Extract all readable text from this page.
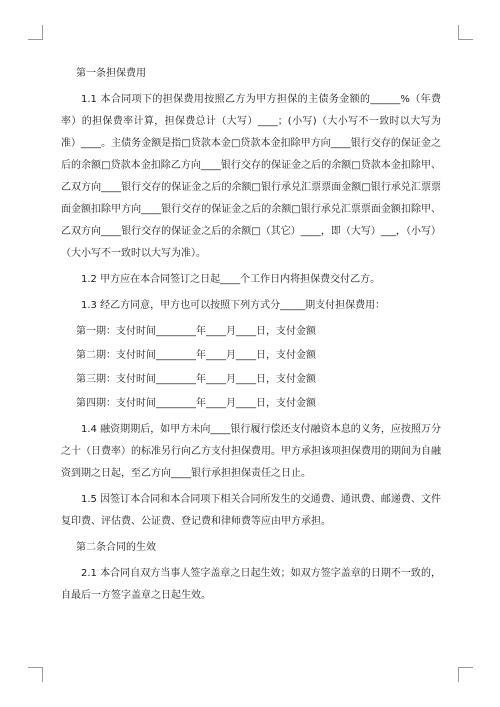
第一条担保费用

1.1 本合同项下的担保费用按照乙方为甲方担保的主债务金额的______%（年费率）的担保费率计算，担保费总计（大写）____；(小写)（大小写不一致时以大写为准）____。主债务金额是指□贷款本金□贷款本金扣除甲方向____银行交存的保证金之后的余额□贷款本金扣除乙方向____银行交存的保证金之后的余额□贷款本金扣除甲、乙双方向____银行交存的保证金之后的余额□银行承兑汇票票面金额□银行承兑汇票票面金额扣除甲方向____银行交存的保证金之后的余额□银行承兑汇票票面金额扣除甲、乙双方向____银行交存的保证金之后的余额□（其它）____，即（大写）___，（小写）（大小写不一致时以大写为准）。

1.2 甲方应在本合同签订之日起____个工作日内将担保费交付乙方。

1.3 经乙方同意，甲方也可以按照下列方式分_____期支付担保费用：

第一期：支付时间________年____月____日，支付金额

第二期：支付时间________年____月____日，支付金额

第三期：支付时间________年____月____日，支付金额

第四期：支付时间________年____月____日，支付金额

1.4 融资期期后，如甲方未向____银行履行偿还支付融资本息的义务，应按照万分之十（日费率）的标准另行向乙方支付担保费用。甲方承担该项担保费用的期间为自融资到期之日起，至乙方向____银行承担担保责任之日止。

1.5 因签订本合同和本合同项下相关合同所发生的交通费、通讯费、邮递费、文件复印费、评估费、公证费、登记费和律师费等应由甲方承担。

第二条合同的生效

2.1 本合同自双方当事人签字盖章之日起生效；如双方签字盖章的日期不一致的，自最后一方签字盖章之日起生效。
